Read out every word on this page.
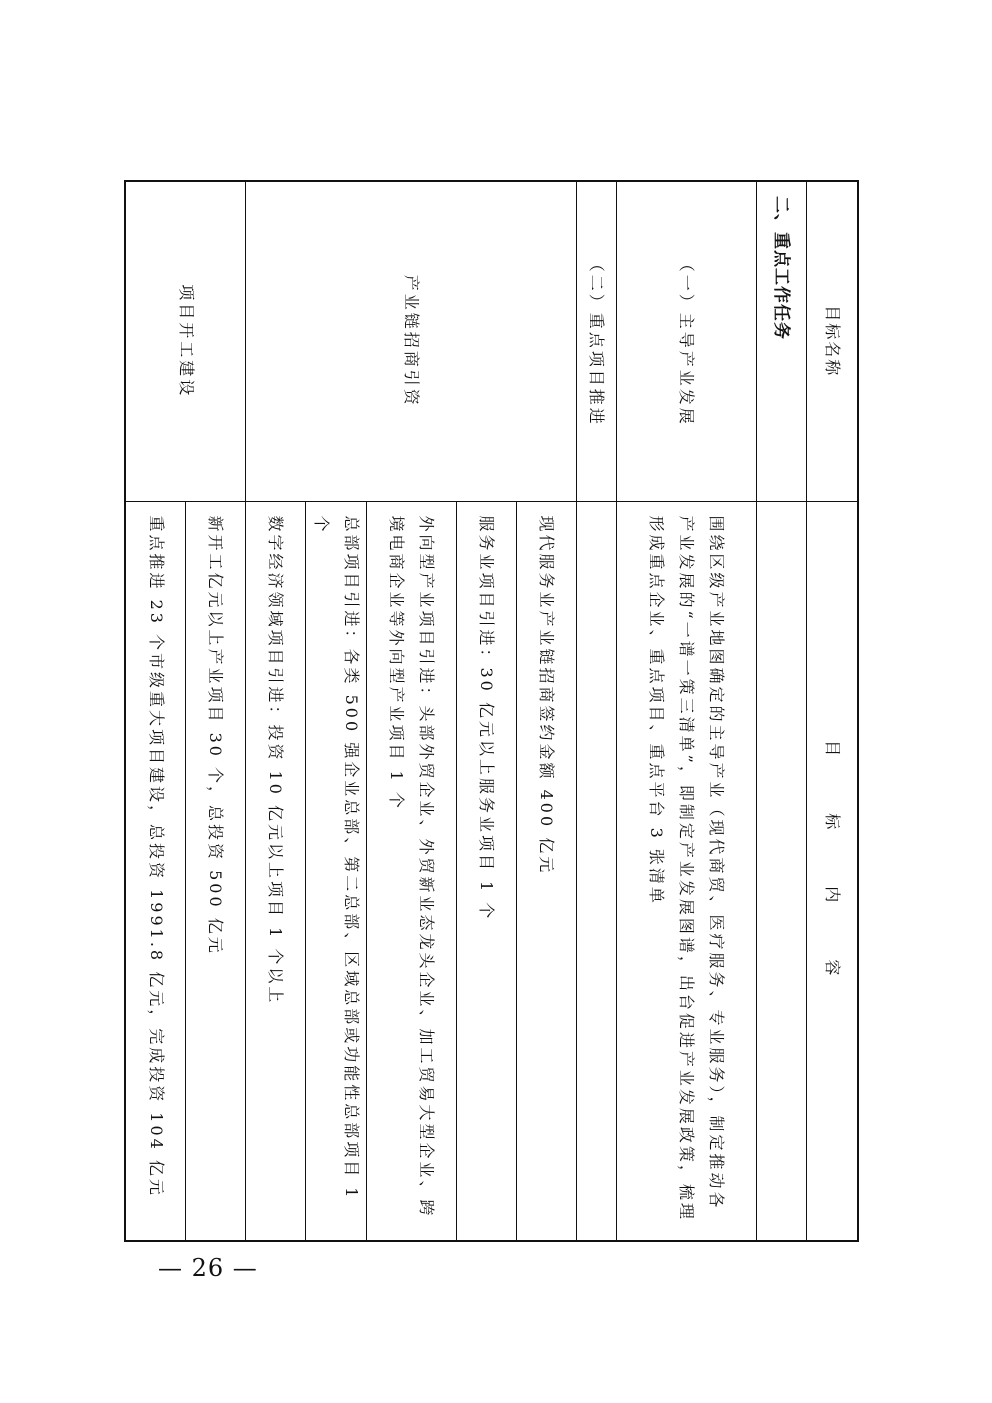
目标名称	目 标 内 容
二、重点工作任务	
（一）主导产业发展	围绕区级产业地图确定的主导产业（现代商贸、医疗服务、专业服务），制定推动各产业发展的“一谱一策三清单”，即制定产业发展图谱，出台促进产业发展政策，梳理形成重点企业、重点项目、重点平台 3 张清单
（二）重点项目推进	
产业链招商引资	现代服务业产业链招商签约金额 400 亿元
	服务业项目引进：30 亿元以上服务业项目 1 个
	外向型产业项目引进：头部外贸企业、外贸新业态龙头企业、加工贸易大型企业、跨境电商企业等外向型产业项目 1 个
	总部项目引进：各类 500 强企业总部、第二总部、区域总部或功能性总部项目 1 个
	数字经济领域项目引进：投资 10 亿元以上项目 1 个以上
项目开工建设	新开工亿元以上产业项目 30 个，总投资 500 亿元
	重点推进 23 个市级重大项目建设，总投资 1991.8 亿元，完成投资 104 亿元
— 26 —
